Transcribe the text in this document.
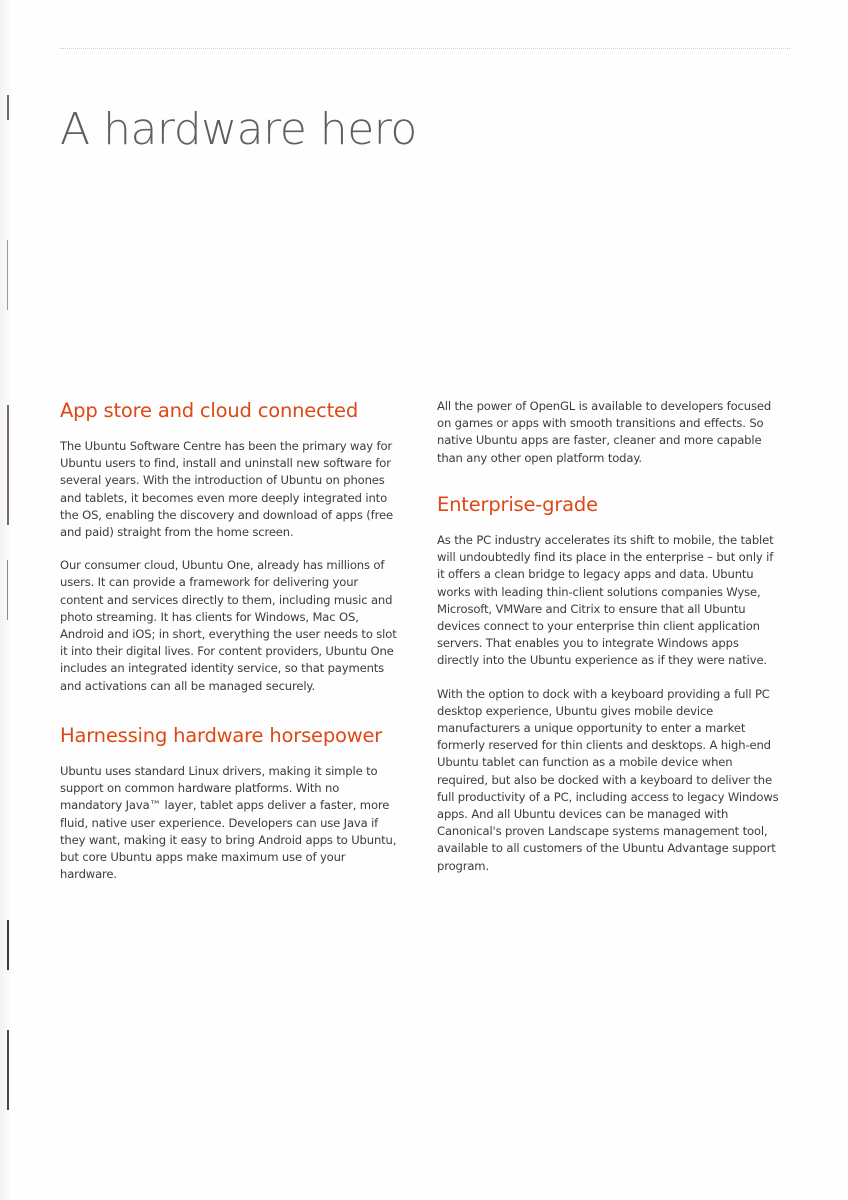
A hardware hero
App store and cloud connected

The Ubuntu Software Centre has been the primary way for Ubuntu users to find, install and uninstall new software for several years. With the introduction of Ubuntu on phones and tablets, it becomes even more deeply integrated into the OS, enabling the discovery and download of apps (free and paid) straight from the home screen.

Our consumer cloud, Ubuntu One, already has millions of users. It can provide a framework for delivering your content and services directly to them, including music and photo streaming. It has clients for Windows, Mac OS, Android and iOS; in short, everything the user needs to slot it into their digital lives. For content providers, Ubuntu One includes an integrated identity service, so that payments and activations can all be managed securely.

Harnessing hardware horsepower

Ubuntu uses standard Linux drivers, making it simple to support on common hardware platforms. With no mandatory Java™ layer, tablet apps deliver a faster, more fluid, native user experience. Developers can use Java if they want, making it easy to bring Android apps to Ubuntu, but core Ubuntu apps make maximum use of your hardware.

All the power of OpenGL is available to developers focused on games or apps with smooth transitions and effects. So native Ubuntu apps are faster, cleaner and more capable than any other open platform today.

Enterprise-grade

As the PC industry accelerates its shift to mobile, the tablet will undoubtedly find its place in the enterprise – but only if it offers a clean bridge to legacy apps and data. Ubuntu works with leading thin-client solutions companies Wyse, Microsoft, VMWare and Citrix to ensure that all Ubuntu devices connect to your enterprise thin client application servers. That enables you to integrate Windows apps directly into the Ubuntu experience as if they were native.

With the option to dock with a keyboard providing a full PC desktop experience, Ubuntu gives mobile device manufacturers a unique opportunity to enter a market formerly reserved for thin clients and desktops. A high-end Ubuntu tablet can function as a mobile device when required, but also be docked with a keyboard to deliver the full productivity of a PC, including access to legacy Windows apps. And all Ubuntu devices can be managed with Canonical's proven Landscape systems management tool, available to all customers of the Ubuntu Advantage support program.
